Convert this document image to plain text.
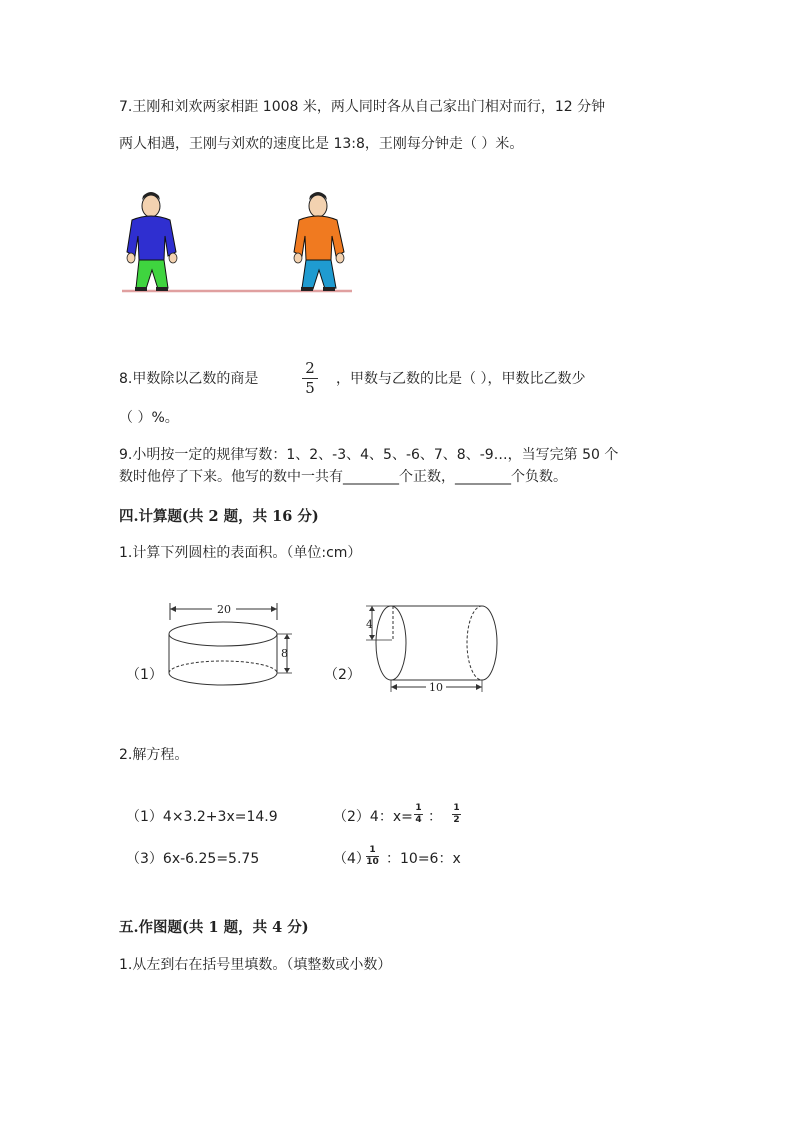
7.王刚和刘欢两家相距 1008 米，两人同时各从自己家出门相对而行，12 分钟
两人相遇，王刚与刘欢的速度比是 13:8，王刚每分钟走（ ）米。
8.甲数除以乙数的商是
2
5 ，甲数与乙数的比是（ ），甲数比乙数少
（ ）%。
9.小明按一定的规律写数：1、2、-3、4、5、-6、7、8、-9…，当写完第 50 个
数时他停了下来。他写的数中一共有________个正数，________个负数。
四.计算题(共 2 题，共 16 分)
1.计算下列圆柱的表面积。（单位:cm）
（1）
20
8
（2）
4
10
2.解方程。
（1）4×3.2+3x=14.9	（2）4：x=
1
4 ：
1
2
（3）6x-6.25=5.75	（4）
1
10 ：10=6：x
五.作图题(共 1 题，共 4 分)
1.从左到右在括号里填数。（填整数或小数）
